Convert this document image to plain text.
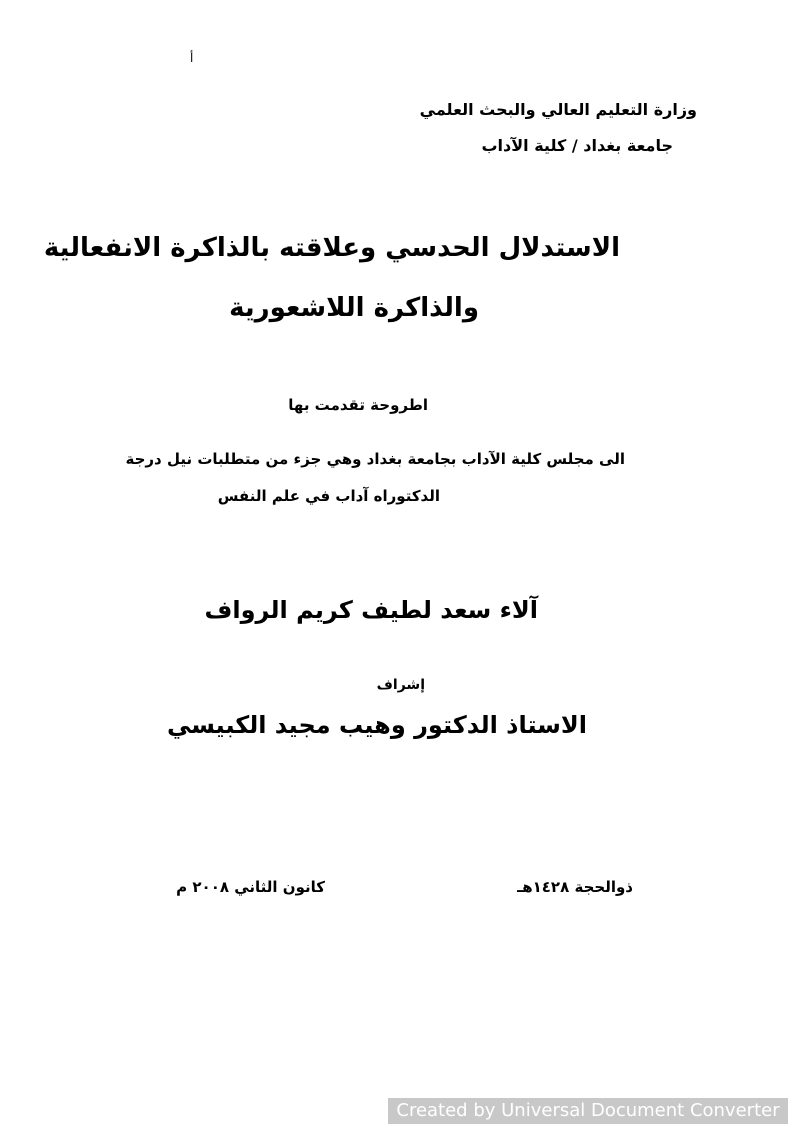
أ
وزارة التعليم العالي والبحث العلمي
جامعة بغداد / كلية الآداب
الاستدلال الحدسي وعلاقته بالذاكرة الانفعالية
والذاكرة اللاشعورية
اطروحة تقدمت بها
الى مجلس كلية الآداب بجامعة بغداد وهي جزء من متطلبات نيل درجة
الدكتوراه آداب في علم النفس
آلاء سعد لطيف كريم الرواف
إشراف
الاستاذ الدكتور وهيب مجيد الكبيسي
ذوالحجة ١٤٢٨هـ
كانون الثاني ٢٠٠٨ م
Created by Universal Document Converter
